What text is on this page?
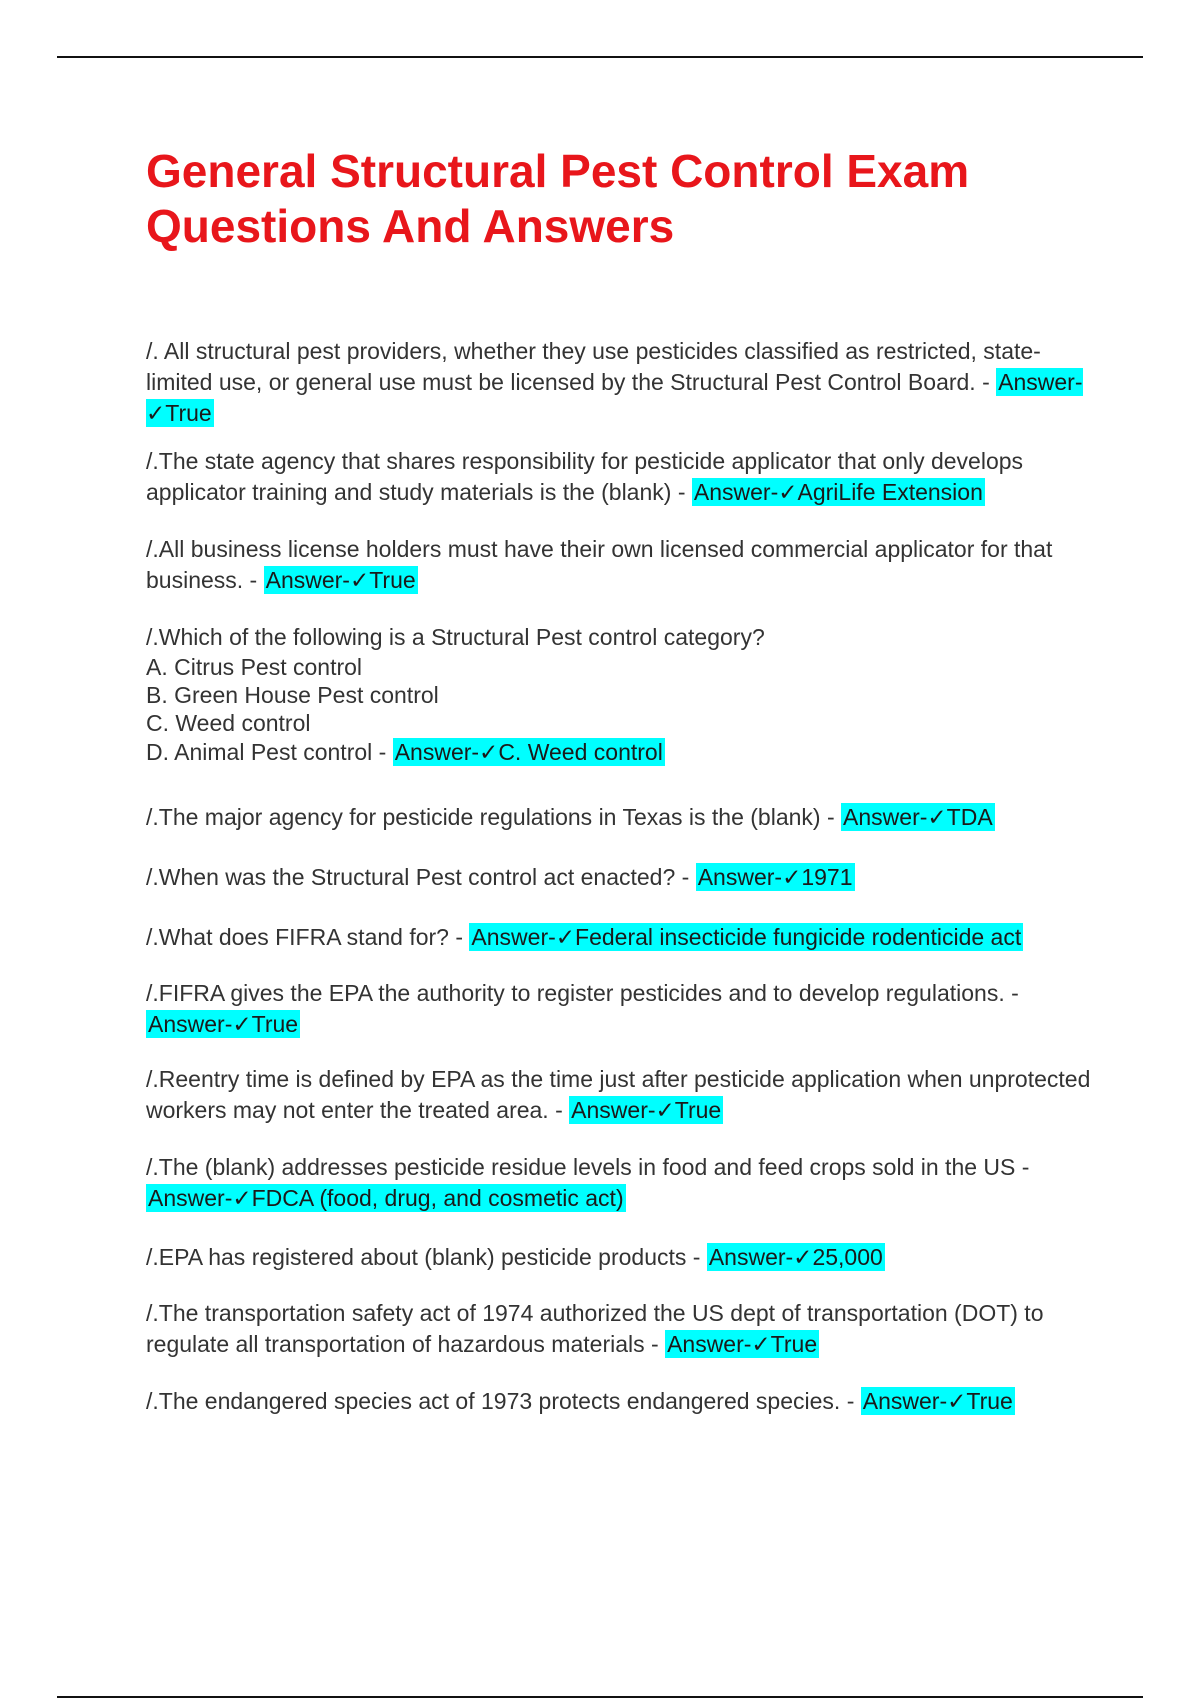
General Structural Pest Control Exam Questions And Answers
/. All structural pest providers, whether they use pesticides classified as restricted, state-limited use, or general use must be licensed by the Structural Pest Control Board. - Answer-✓True
/.The state agency that shares responsibility for pesticide applicator that only develops applicator training and study materials is the (blank) - Answer-✓AgriLife Extension
/.All business license holders must have their own licensed commercial applicator for that business. - Answer-✓True
/.Which of the following is a Structural Pest control category?
A. Citrus Pest control
B. Green House Pest control
C. Weed control
D. Animal Pest control - Answer-✓C. Weed control
/.The major agency for pesticide regulations in Texas is the (blank) - Answer-✓TDA
/.When was the Structural Pest control act enacted? - Answer-✓1971
/.What does FIFRA stand for? - Answer-✓Federal insecticide fungicide rodenticide act
/.FIFRA gives the EPA the authority to register pesticides and to develop regulations. - Answer-✓True
/.Reentry time is defined by EPA as the time just after pesticide application when unprotected workers may not enter the treated area. - Answer-✓True
/.The (blank) addresses pesticide residue levels in food and feed crops sold in the US - Answer-✓FDCA (food, drug, and cosmetic act)
/.EPA has registered about (blank) pesticide products - Answer-✓25,000
/.The transportation safety act of 1974 authorized the US dept of transportation (DOT) to regulate all transportation of hazardous materials - Answer-✓True
/.The endangered species act of 1973 protects endangered species. - Answer-✓True
